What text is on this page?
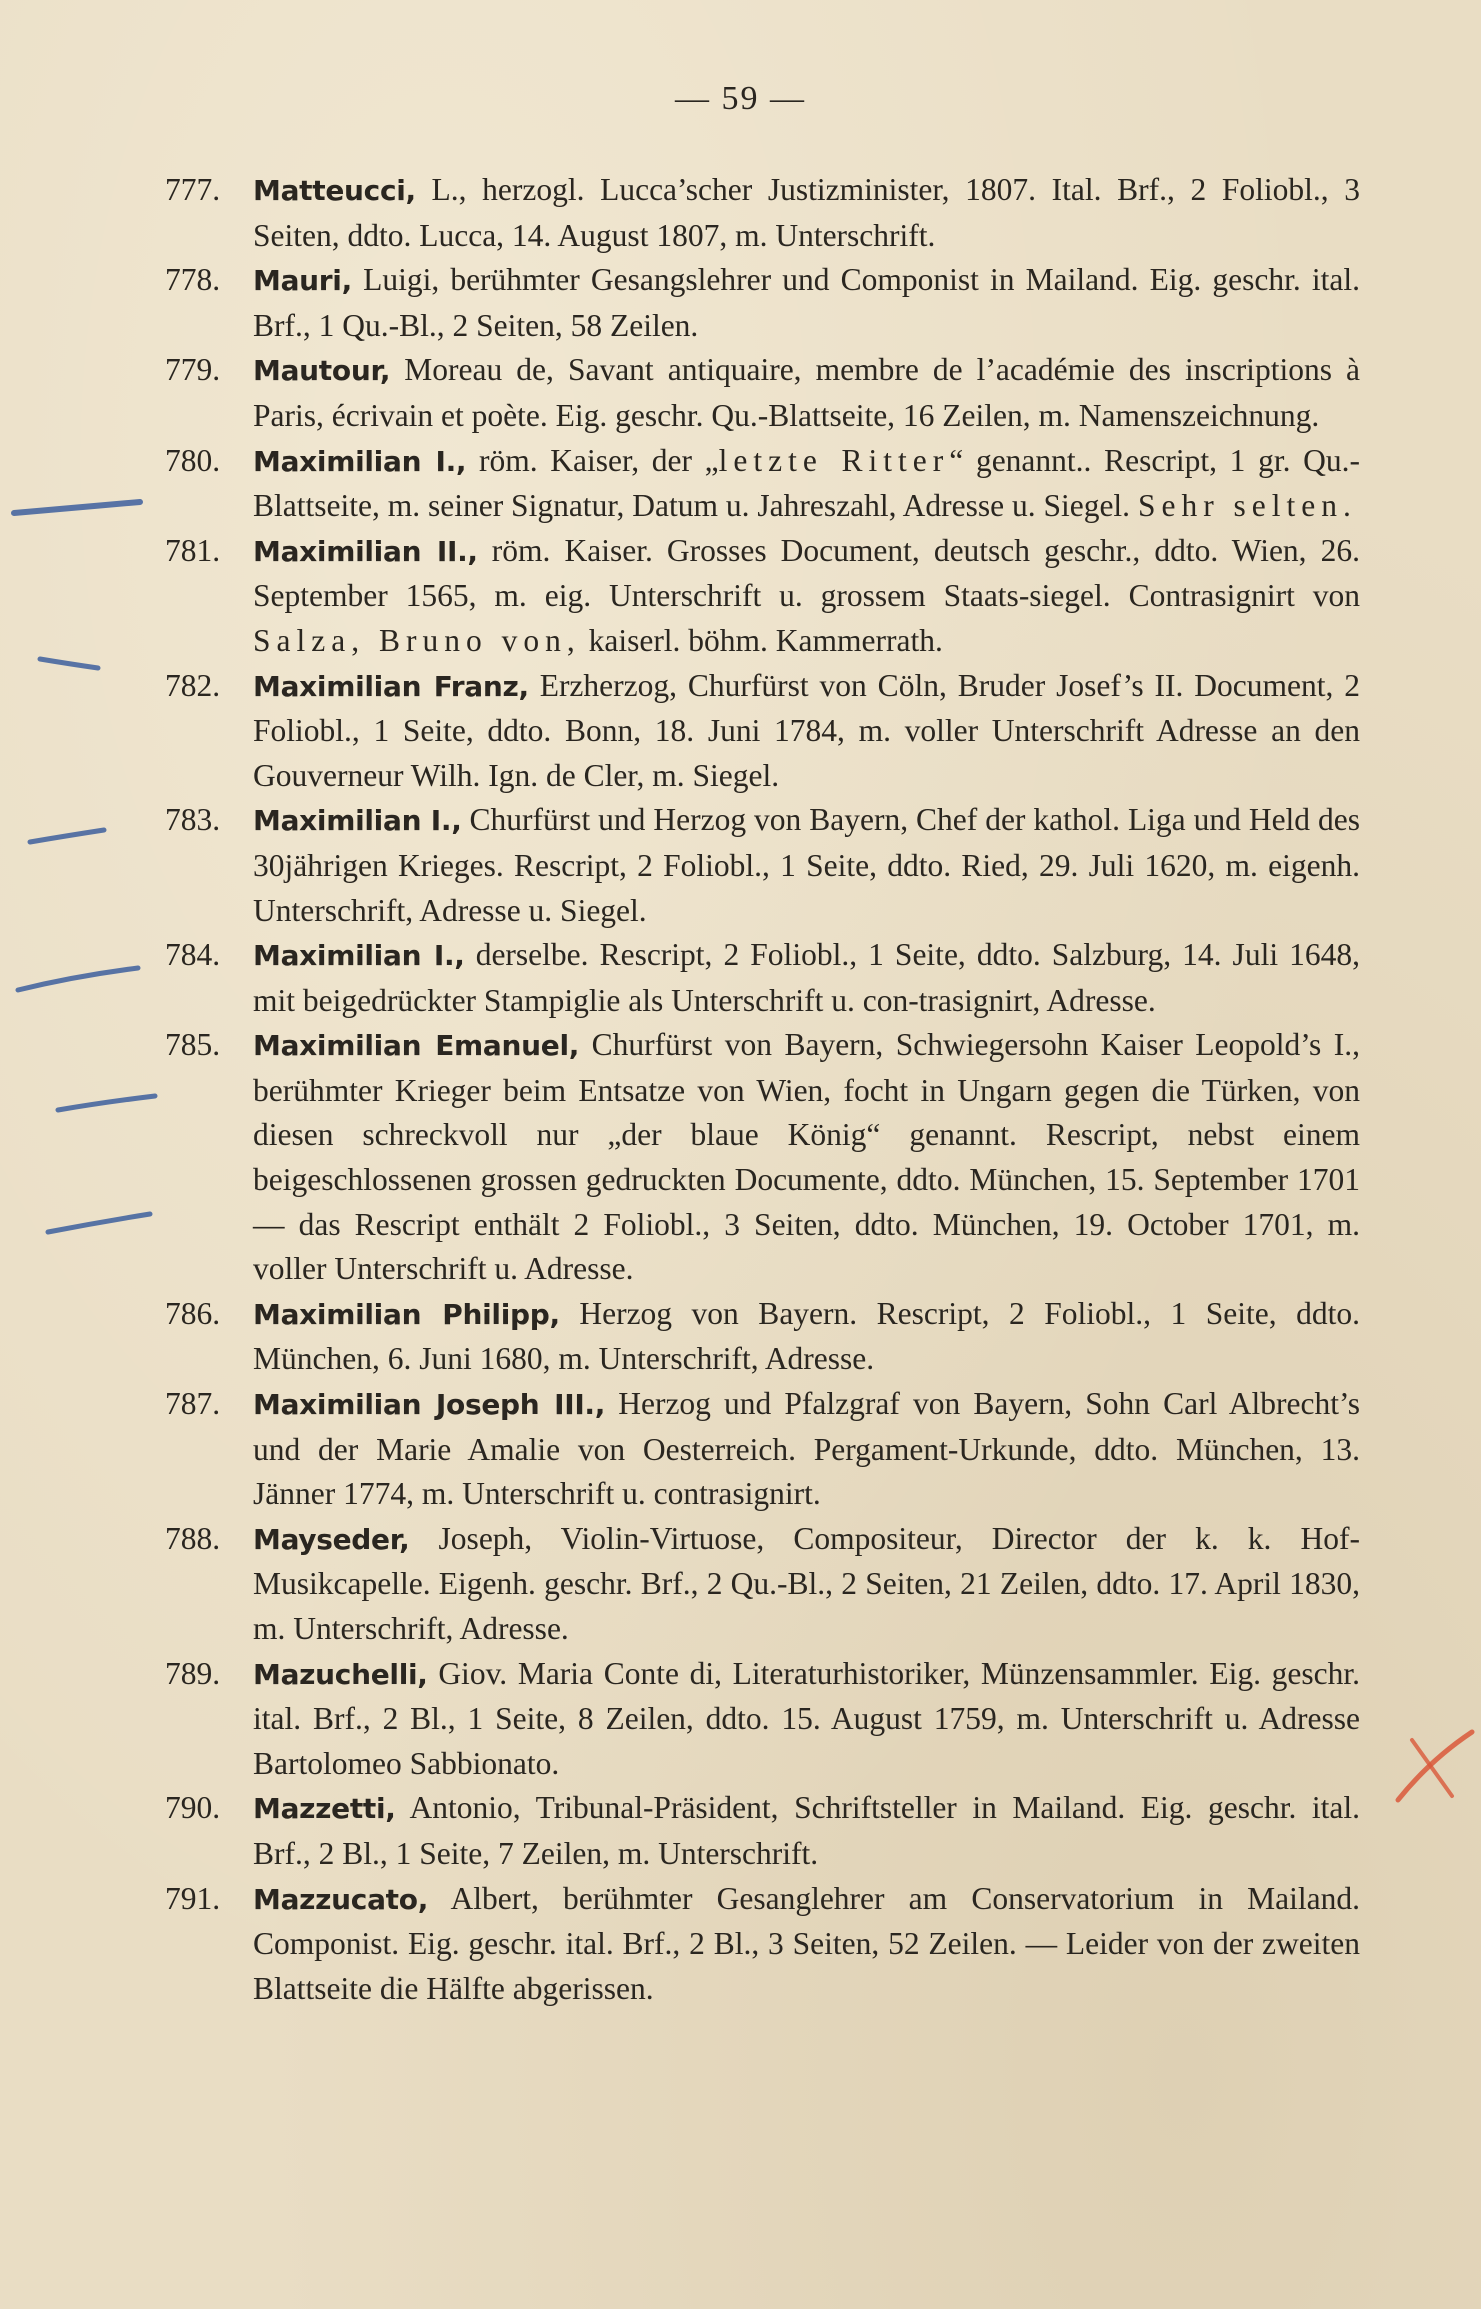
— 59 —
777. Matteucci, L., herzogl. Lucca’scher Justizminister, 1807. Ital. Brf., 2 Foliobl., 3 Seiten, ddto. Lucca, 14. August 1807, m. Unterschrift.
778. Mauri, Luigi, berühmter Gesangslehrer und Componist in Mailand. Eig. geschr. ital. Brf., 1 Qu.-Bl., 2 Seiten, 58 Zeilen.
779. Mautour, Moreau de, Savant antiquaire, membre de l’académie des inscriptions à Paris, écrivain et poète. Eig. geschr. Qu.-Blattseite, 16 Zeilen, m. Namenszeichnung.
780. Maximilian I., röm. Kaiser, der „letzte Ritter“ genannt.. Rescript, 1 gr. Qu.-Blattseite, m. seiner Signatur, Datum u. Jahreszahl, Adresse u. Siegel. Sehr selten.
781. Maximilian II., röm. Kaiser. Grosses Document, deutsch geschr., ddto. Wien, 26. September 1565, m. eig. Unterschrift u. grossem Staats-siegel. Contrasignirt von Salza, Bruno von, kaiserl. böhm. Kammerrath.
782. Maximilian Franz, Erzherzog, Churfürst von Cöln, Bruder Josef’s II. Document, 2 Foliobl., 1 Seite, ddto. Bonn, 18. Juni 1784, m. voller Unterschrift Adresse an den Gouverneur Wilh. Ign. de Cler, m. Siegel.
783. Maximilian I., Churfürst und Herzog von Bayern, Chef der kathol. Liga und Held des 30jährigen Krieges. Rescript, 2 Foliobl., 1 Seite, ddto. Ried, 29. Juli 1620, m. eigenh. Unterschrift, Adresse u. Siegel.
784. Maximilian I., derselbe. Rescript, 2 Foliobl., 1 Seite, ddto. Salzburg, 14. Juli 1648, mit beigedrückter Stampiglie als Unterschrift u. con-trasignirt, Adresse.
785. Maximilian Emanuel, Churfürst von Bayern, Schwiegersohn Kaiser Leopold’s I., berühmter Krieger beim Entsatze von Wien, focht in Ungarn gegen die Türken, von diesen schreckvoll nur „der blaue König“ genannt. Rescript, nebst einem beigeschlossenen grossen gedruckten Documente, ddto. München, 15. September 1701 — das Rescript enthält 2 Foliobl., 3 Seiten, ddto. München, 19. October 1701, m. voller Unterschrift u. Adresse.
786. Maximilian Philipp, Herzog von Bayern. Rescript, 2 Foliobl., 1 Seite, ddto. München, 6. Juni 1680, m. Unterschrift, Adresse.
787. Maximilian Joseph III., Herzog und Pfalzgraf von Bayern, Sohn Carl Albrecht’s und der Marie Amalie von Oesterreich. Pergament-Urkunde, ddto. München, 13. Jänner 1774, m. Unterschrift u. contrasignirt.
788. Mayseder, Joseph, Violin-Virtuose, Compositeur, Director der k. k. Hof-Musikcapelle. Eigenh. geschr. Brf., 2 Qu.-Bl., 2 Seiten, 21 Zeilen, ddto. 17. April 1830, m. Unterschrift, Adresse.
789. Mazuchelli, Giov. Maria Conte di, Literaturhistoriker, Münzensammler. Eig. geschr. ital. Brf., 2 Bl., 1 Seite, 8 Zeilen, ddto. 15. August 1759, m. Unterschrift u. Adresse Bartolomeo Sabbionato.
790. Mazzetti, Antonio, Tribunal-Präsident, Schriftsteller in Mailand. Eig. geschr. ital. Brf., 2 Bl., 1 Seite, 7 Zeilen, m. Unterschrift.
791. Mazzucato, Albert, berühmter Gesanglehrer am Conservatorium in Mailand. Componist. Eig. geschr. ital. Brf., 2 Bl., 3 Seiten, 52 Zeilen. — Leider von der zweiten Blattseite die Hälfte abgerissen.
